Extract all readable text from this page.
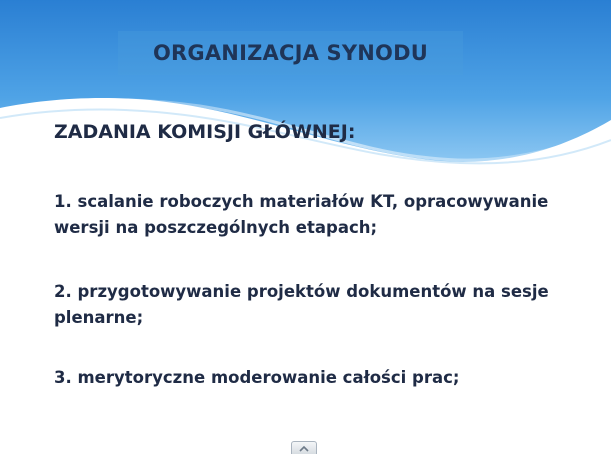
ORGANIZACJA SYNODU
ZADANIA KOMISJI GŁÓWNEJ:
1. scalanie roboczych materiałów KT, opracowywanie wersji na poszczególnych etapach;
2. przygotowywanie projektów dokumentów na sesje plenarne;
3. merytoryczne moderowanie całości prac;
